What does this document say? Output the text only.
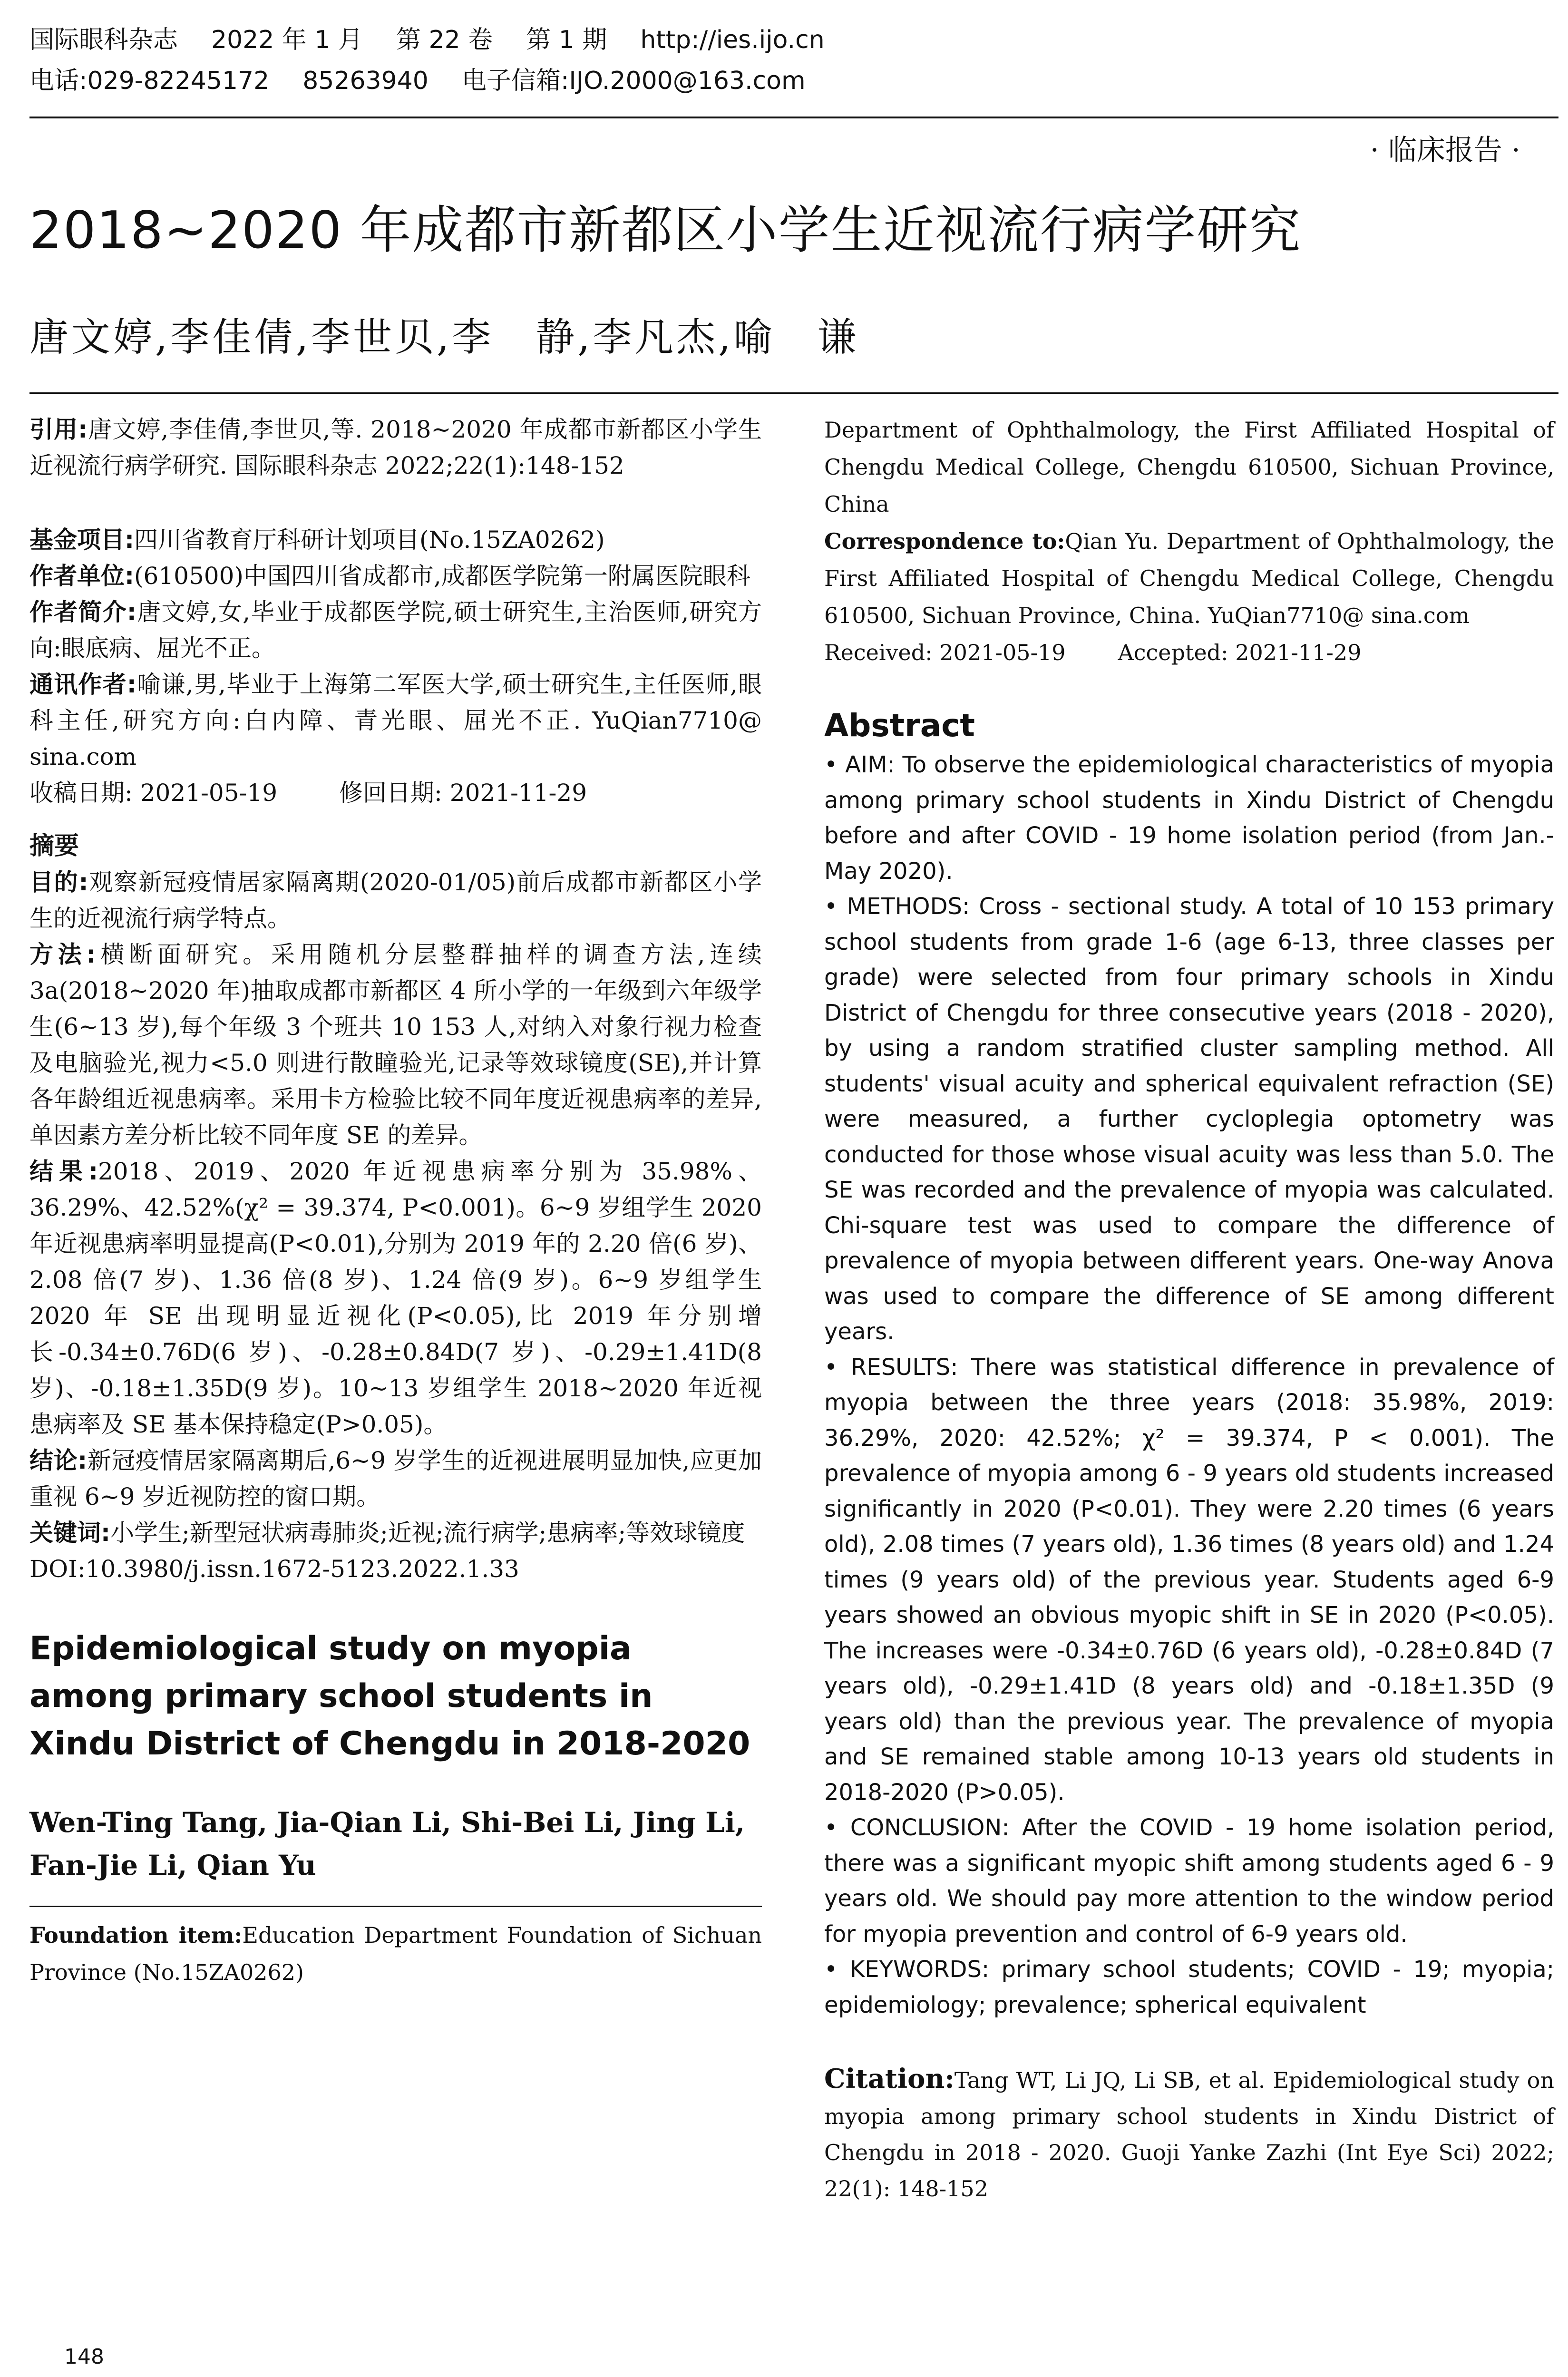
国际眼科杂志 2022 年 1 月 第 22 卷 第 1 期 http://ies.ijo.cn
电话:029-82245172 85263940 电子信箱:IJO.2000@163.com
· 临床报告 ·
2018~2020 年成都市新都区小学生近视流行病学研究
唐文婷,李佳倩,李世贝,李　静,李凡杰,喻　谦

引用:唐文婷,李佳倩,李世贝,等. 2018~2020 年成都市新都区小学生近视流行病学研究. 国际眼科杂志 2022;22(1):148-152

基金项目:四川省教育厅科研计划项目(No.15ZA0262)

作者单位:(610500)中国四川省成都市,成都医学院第一附属医院眼科

作者简介:唐文婷,女,毕业于成都医学院,硕士研究生,主治医师,研究方向:眼底病、屈光不正。

通讯作者:喻谦,男,毕业于上海第二军医大学,硕士研究生,主任医师,眼科主任,研究方向:白内障、青光眼、屈光不正. YuQian7710@ sina.com

收稿日期: 2021-05-19	修回日期: 2021-11-29

摘要

目的:观察新冠疫情居家隔离期(2020-01/05)前后成都市新都区小学生的近视流行病学特点。

方法:横断面研究。采用随机分层整群抽样的调查方法,连续 3a(2018~2020 年)抽取成都市新都区 4 所小学的一年级到六年级学生(6~13 岁),每个年级 3 个班共 10 153 人,对纳入对象行视力检查及电脑验光,视力<5.0 则进行散瞳验光,记录等效球镜度(SE),并计算各年龄组近视患病率。采用卡方检验比较不同年度近视患病率的差异,单因素方差分析比较不同年度 SE 的差异。

结果:2018、2019、2020 年近视患病率分别为 35.98%、36.29%、42.52%(χ² = 39.374, P<0.001)。6~9 岁组学生 2020 年近视患病率明显提高(P<0.01),分别为 2019 年的 2.20 倍(6 岁)、2.08 倍(7 岁)、1.36 倍(8 岁)、1.24 倍(9 岁)。6~9 岁组学生 2020 年 SE 出现明显近视化(P<0.05),比 2019 年分别增长-0.34±0.76D(6 岁)、-0.28±0.84D(7 岁)、-0.29±1.41D(8 岁)、-0.18±1.35D(9 岁)。10~13 岁组学生 2018~2020 年近视患病率及 SE 基本保持稳定(P>0.05)。

结论:新冠疫情居家隔离期后,6~9 岁学生的近视进展明显加快,应更加重视 6~9 岁近视防控的窗口期。

关键词:小学生;新型冠状病毒肺炎;近视;流行病学;患病率;等效球镜度

DOI:10.3980/j.issn.1672-5123.2022.1.33

Epidemiological study on myopia among primary school students in Xindu District of Chengdu in 2018-2020

Wen-Ting Tang, Jia-Qian Li, Shi-Bei Li, Jing Li, Fan-Jie Li, Qian Yu

Foundation item:Education Department Foundation of Sichuan Province (No.15ZA0262)

Department of Ophthalmology, the First Affiliated Hospital of Chengdu Medical College, Chengdu 610500, Sichuan Province, China

Correspondence to:Qian Yu. Department of Ophthalmology, the First Affiliated Hospital of Chengdu Medical College, Chengdu 610500, Sichuan Province, China. YuQian7710@ sina.com

Received: 2021-05-19 Accepted: 2021-11-29

Abstract

• AIM: To observe the epidemiological characteristics of myopia among primary school students in Xindu District of Chengdu before and after COVID - 19 home isolation period (from Jan.-May 2020).

• METHODS: Cross - sectional study. A total of 10 153 primary school students from grade 1-6 (age 6-13, three classes per grade) were selected from four primary schools in Xindu District of Chengdu for three consecutive years (2018 - 2020), by using a random stratified cluster sampling method. All students' visual acuity and spherical equivalent refraction (SE) were measured, a further cycloplegia optometry was conducted for those whose visual acuity was less than 5.0. The SE was recorded and the prevalence of myopia was calculated. Chi-square test was used to compare the difference of prevalence of myopia between different years. One-way Anova was used to compare the difference of SE among different years.

• RESULTS: There was statistical difference in prevalence of myopia between the three years (2018: 35.98%, 2019: 36.29%, 2020: 42.52%; χ² = 39.374, P < 0.001). The prevalence of myopia among 6 - 9 years old students increased significantly in 2020 (P<0.01). They were 2.20 times (6 years old), 2.08 times (7 years old), 1.36 times (8 years old) and 1.24 times (9 years old) of the previous year. Students aged 6-9 years showed an obvious myopic shift in SE in 2020 (P<0.05). The increases were -0.34±0.76D (6 years old), -0.28±0.84D (7 years old), -0.29±1.41D (8 years old) and -0.18±1.35D (9 years old) than the previous year. The prevalence of myopia and SE remained stable among 10-13 years old students in 2018-2020 (P>0.05).

• CONCLUSION: After the COVID - 19 home isolation period, there was a significant myopic shift among students aged 6 - 9 years old. We should pay more attention to the window period for myopia prevention and control of 6-9 years old.

• KEYWORDS: primary school students; COVID - 19; myopia; epidemiology; prevalence; spherical equivalent

Citation:Tang WT, Li JQ, Li SB, et al. Epidemiological study on myopia among primary school students in Xindu District of Chengdu in 2018 - 2020. Guoji Yanke Zazhi (Int Eye Sci) 2022; 22(1): 148-152

148
